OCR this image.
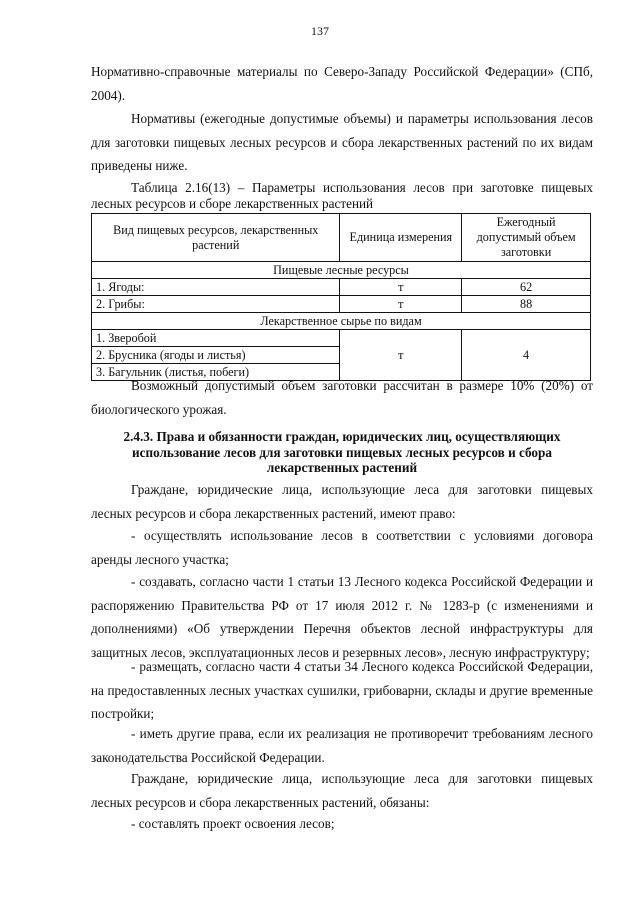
137

Нормативно-справочные материалы по Северо-Западу Российской Федерации» (СПб, 2004).

Нормативы (ежегодные допустимые объемы) и параметры использования лесов для заготовки пищевых лесных ресурсов и сбора лекарственных растений по их видам приведены ниже.

Таблица 2.16(13) – Параметры использования лесов при заготовке пищевых лесных ресурсов и сборе лекарственных растений

Вид пищевых ресурсов, лекарственных растений	Единица измерения	Ежегодный допустимый объем заготовки
Пищевые лесные ресурсы		
1. Ягоды:	т	62
2. Грибы:	т	88
Лекарственное сырье по видам		
1. Зверобой	т	4
2. Брусника (ягоды и листья)		
3. Багульник (листья, побеги)		

Возможный допустимый объем заготовки рассчитан в размере 10% (20%) от биологического урожая.

2.4.3. Права и обязанности граждан, юридических лиц, осуществляющих использование лесов для заготовки пищевых лесных ресурсов и сбора лекарственных растений

Граждане, юридические лица, использующие леса для заготовки пищевых лесных ресурсов и сбора лекарственных растений, имеют право:

- осуществлять использование лесов в соответствии с условиями договора аренды лесного участка;

- создавать, согласно части 1 статьи 13 Лесного кодекса Российской Федерации и распоряжению Правительства РФ от 17 июля 2012 г. № 1283-р (с изменениями и дополнениями) «Об утверждении Перечня объектов лесной инфраструктуры для защитных лесов, эксплуатационных лесов и резервных лесов», лесную инфраструктуру;

- размещать, согласно части 4 статьи 34 Лесного кодекса Российской Федерации, на предоставленных лесных участках сушилки, грибоварни, склады и другие временные постройки;

- иметь другие права, если их реализация не противоречит требованиям лесного законодательства Российской Федерации.

Граждане, юридические лица, использующие леса для заготовки пищевых лесных ресурсов и сбора лекарственных растений, обязаны:

- составлять проект освоения лесов;
